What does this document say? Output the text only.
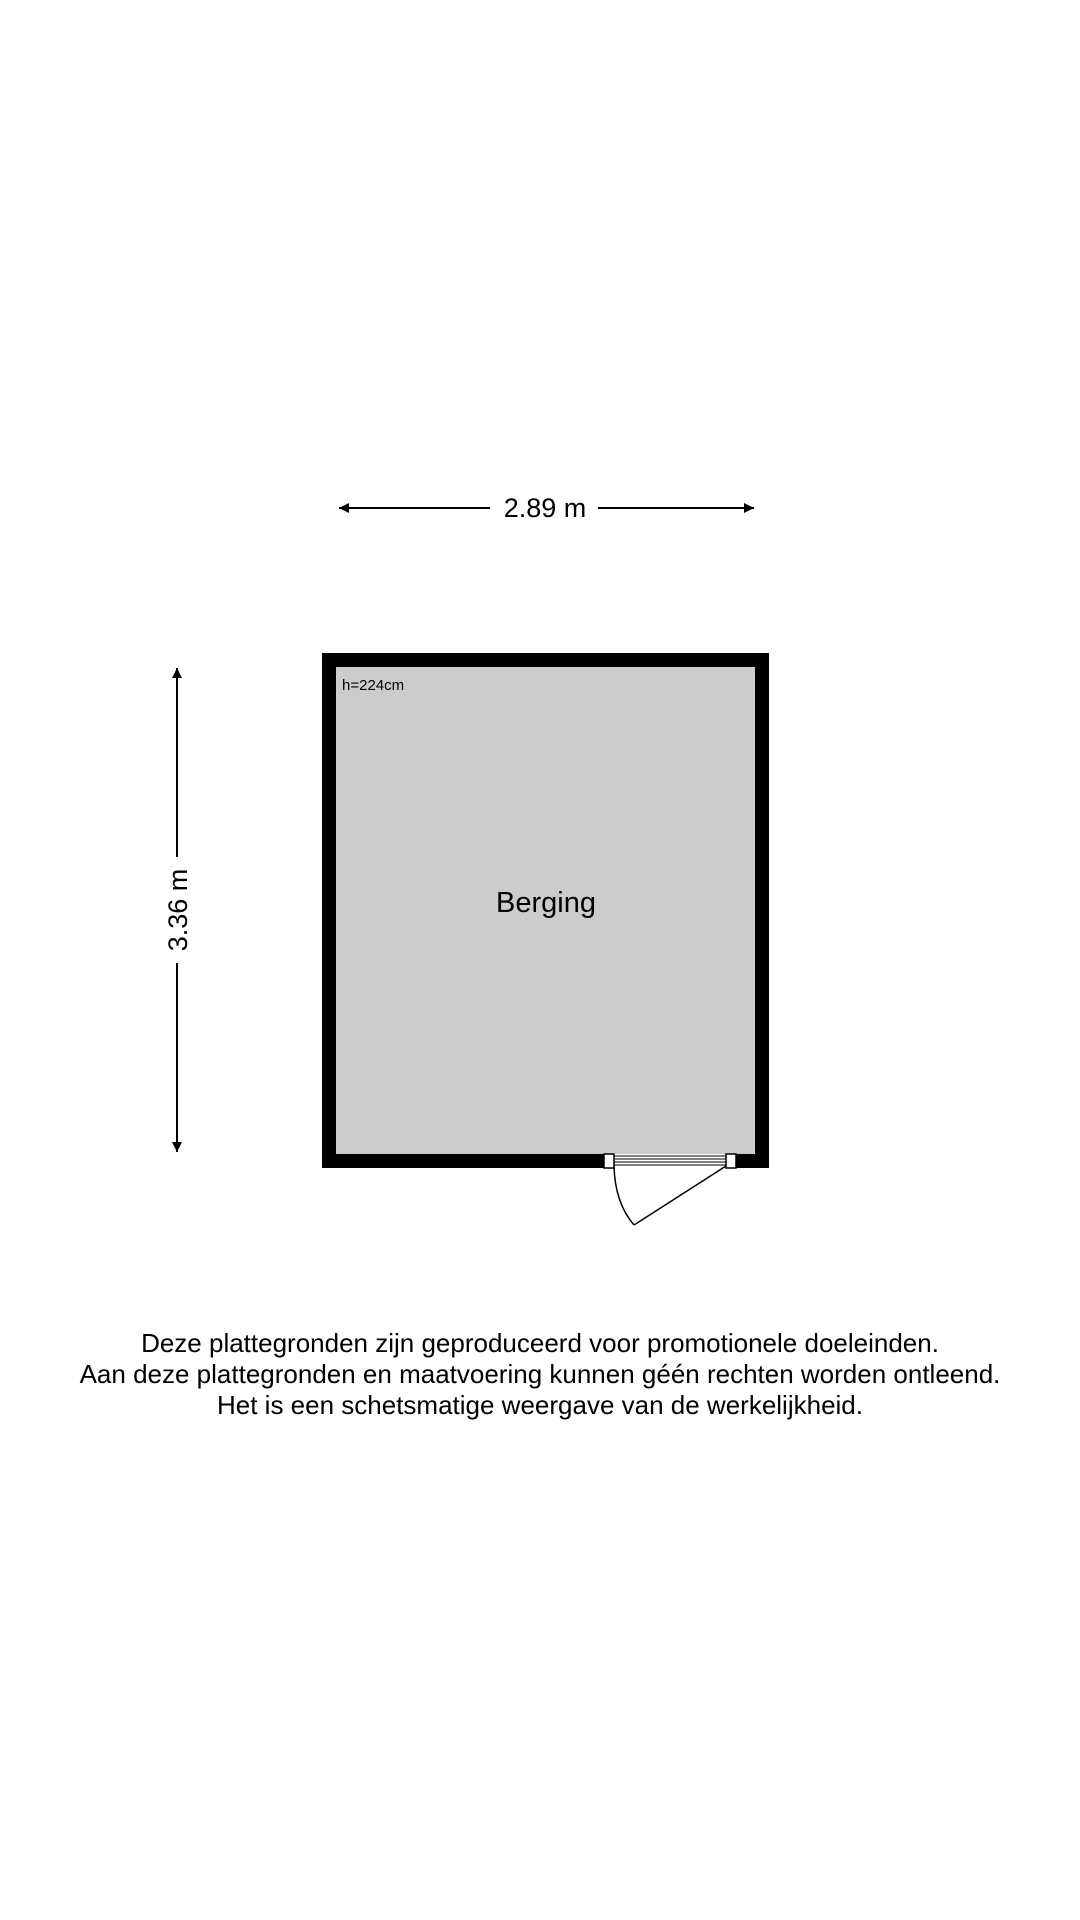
2.89 m
3.36 m
h=224cm
Berging
Deze plattegronden zijn geproduceerd voor promotionele doeleinden.
Aan deze plattegronden en maatvoering kunnen géén rechten worden ontleend.
Het is een schetsmatige weergave van de werkelijkheid.
